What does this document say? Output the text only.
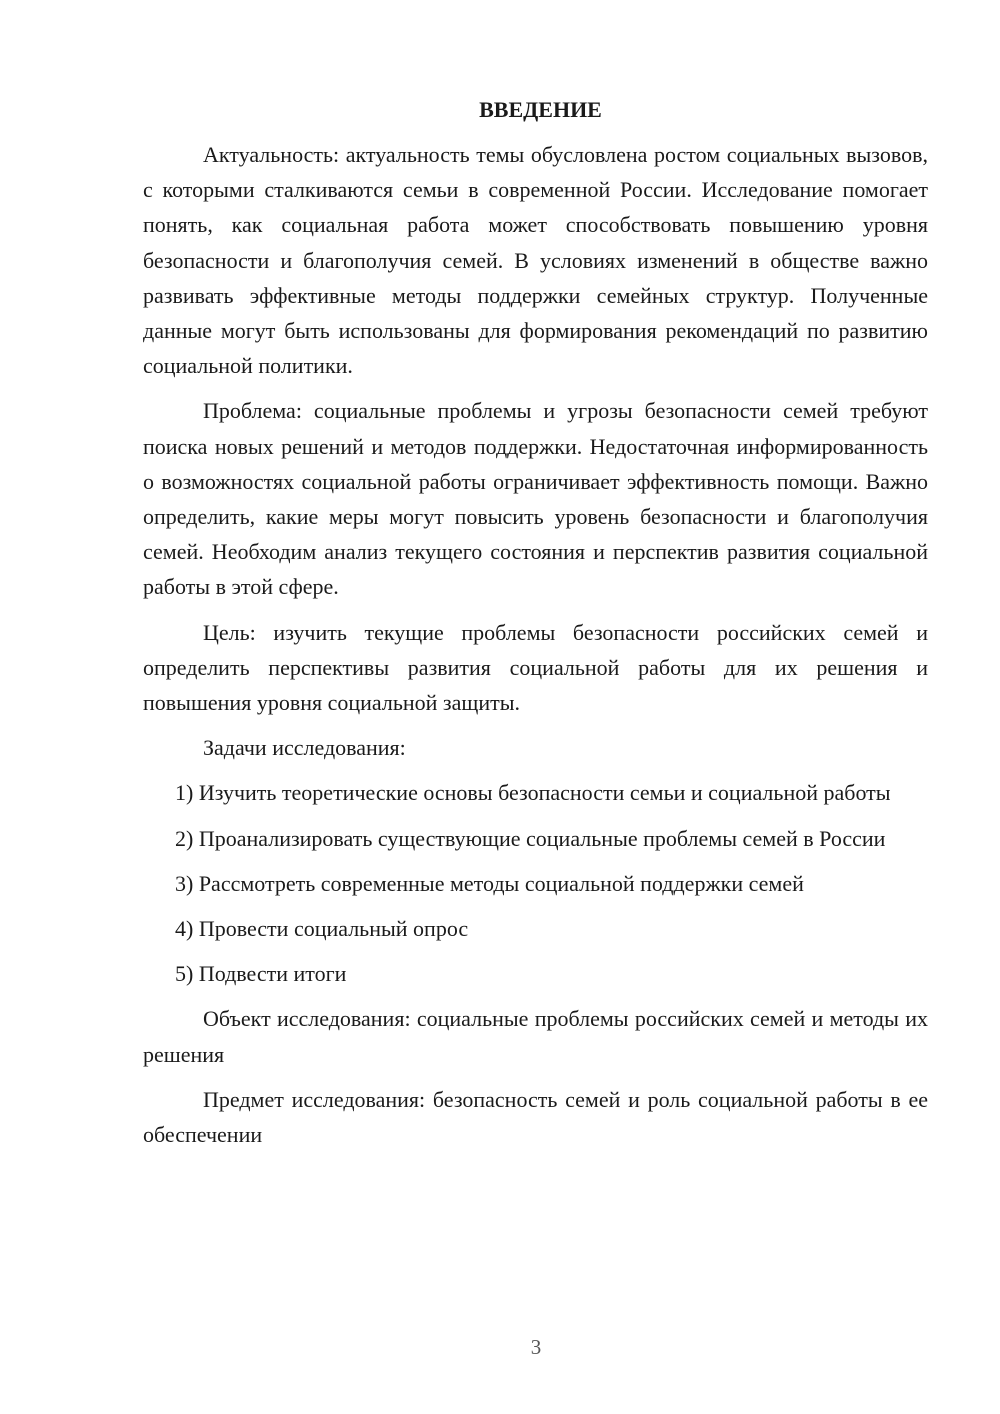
ВВЕДЕНИЕ

Актуальность: актуальность темы обусловлена ростом социальных вызовов, с которыми сталкиваются семьи в современной России. Исследование помогает понять, как социальная работа может способствовать повышению уровня безопасности и благополучия семей. В условиях изменений в обществе важно развивать эффективные методы поддержки семейных структур. Полученные данные могут быть использованы для формирования рекомендаций по развитию социальной политики.

Проблема: социальные проблемы и угрозы безопасности семей требуют поиска новых решений и методов поддержки. Недостаточная информированность о возможностях социальной работы ограничивает эффективность помощи. Важно определить, какие меры могут повысить уровень безопасности и благополучия семей. Необходим анализ текущего состояния и перспектив развития социальной работы в этой сфере.

Цель: изучить текущие проблемы безопасности российских семей и определить перспективы развития социальной работы для их решения и повышения уровня социальной защиты.

Задачи исследования:

1) Изучить теоретические основы безопасности семьи и социальной работы

2) Проанализировать существующие социальные проблемы семей в России

3) Рассмотреть современные методы социальной поддержки семей

4) Провести социальный опрос

5) Подвести итоги

Объект исследования: социальные проблемы российских семей и методы их решения

Предмет исследования: безопасность семей и роль социальной работы в ее обеспечении

3
